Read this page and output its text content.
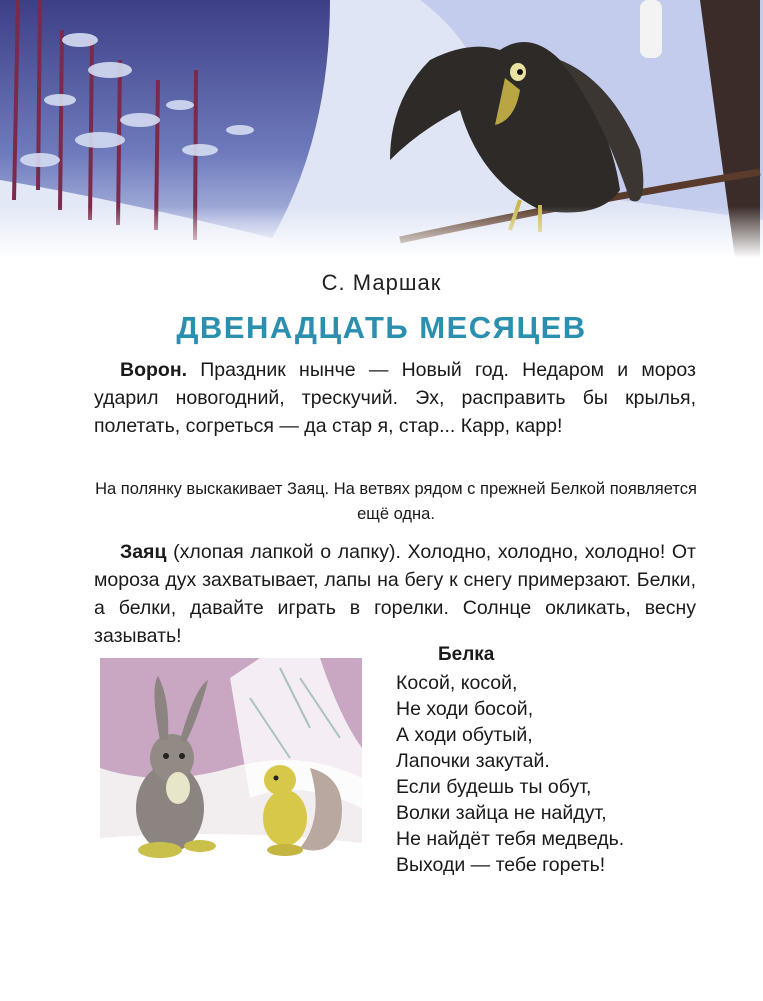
С. Маршак
ДВЕНАДЦАТЬ МЕСЯЦЕВ

Ворон. Праздник нынче — Новый год. Недаром и мороз ударил новогодний, трескучий. Эх, расправить бы крылья, полетать, согреться — да стар я, стар... Карр, карр!

На полянку выскакивает Заяц. На ветвях рядом с прежней Белкой появляется ещё одна.

Заяц (хлопая лапкой о лапку). Холодно, холодно, холодно! От мороза дух захватывает, лапы на бегу к снегу примерзают. Белки, а белки, давайте играть в горелки. Солнце окликать, весну зазывать!

Белка
Косой, косой,
Не ходи босой,
А ходи обутый,
Лапочки закутай.
Если будешь ты обут,
Волки зайца не найдут,
Не найдёт тебя медведь.
Выходи — тебе гореть!
